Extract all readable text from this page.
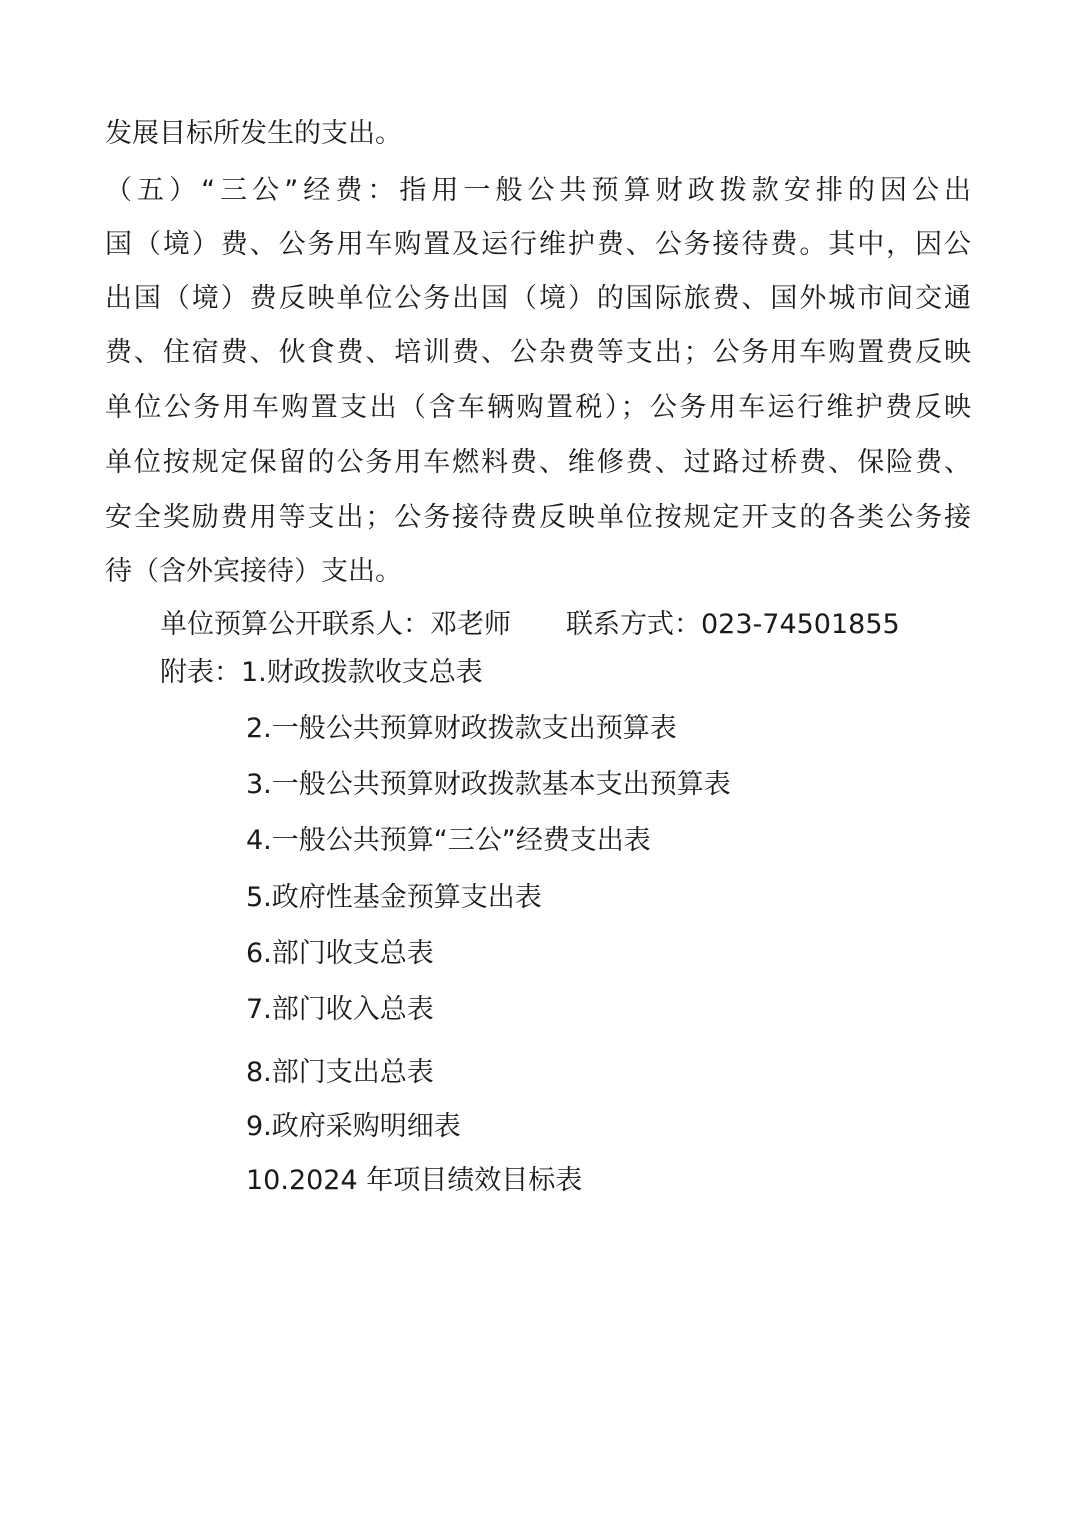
发展目标所发生的支出。
（五）“三公”经费：指用一般公共预算财政拨款安排的因公出
国（境）费、公务用车购置及运行维护费、公务接待费。其中，因公
出国（境）费反映单位公务出国（境）的国际旅费、国外城市间交通
费、住宿费、伙食费、培训费、公杂费等支出；公务用车购置费反映
单位公务用车购置支出（含车辆购置税）；公务用车运行维护费反映
单位按规定保留的公务用车燃料费、维修费、过路过桥费、保险费、
安全奖励费用等支出；公务接待费反映单位按规定开支的各类公务接
待（含外宾接待）支出。
单位预算公开联系人：邓老师 联系方式：023-74501855
附表：1.财政拨款收支总表
2.一般公共预算财政拨款支出预算表
3.一般公共预算财政拨款基本支出预算表
4.一般公共预算“三公”经费支出表
5.政府性基金预算支出表
6.部门收支总表
7.部门收入总表
8.部门支出总表
9.政府采购明细表
10.2024 年项目绩效目标表
